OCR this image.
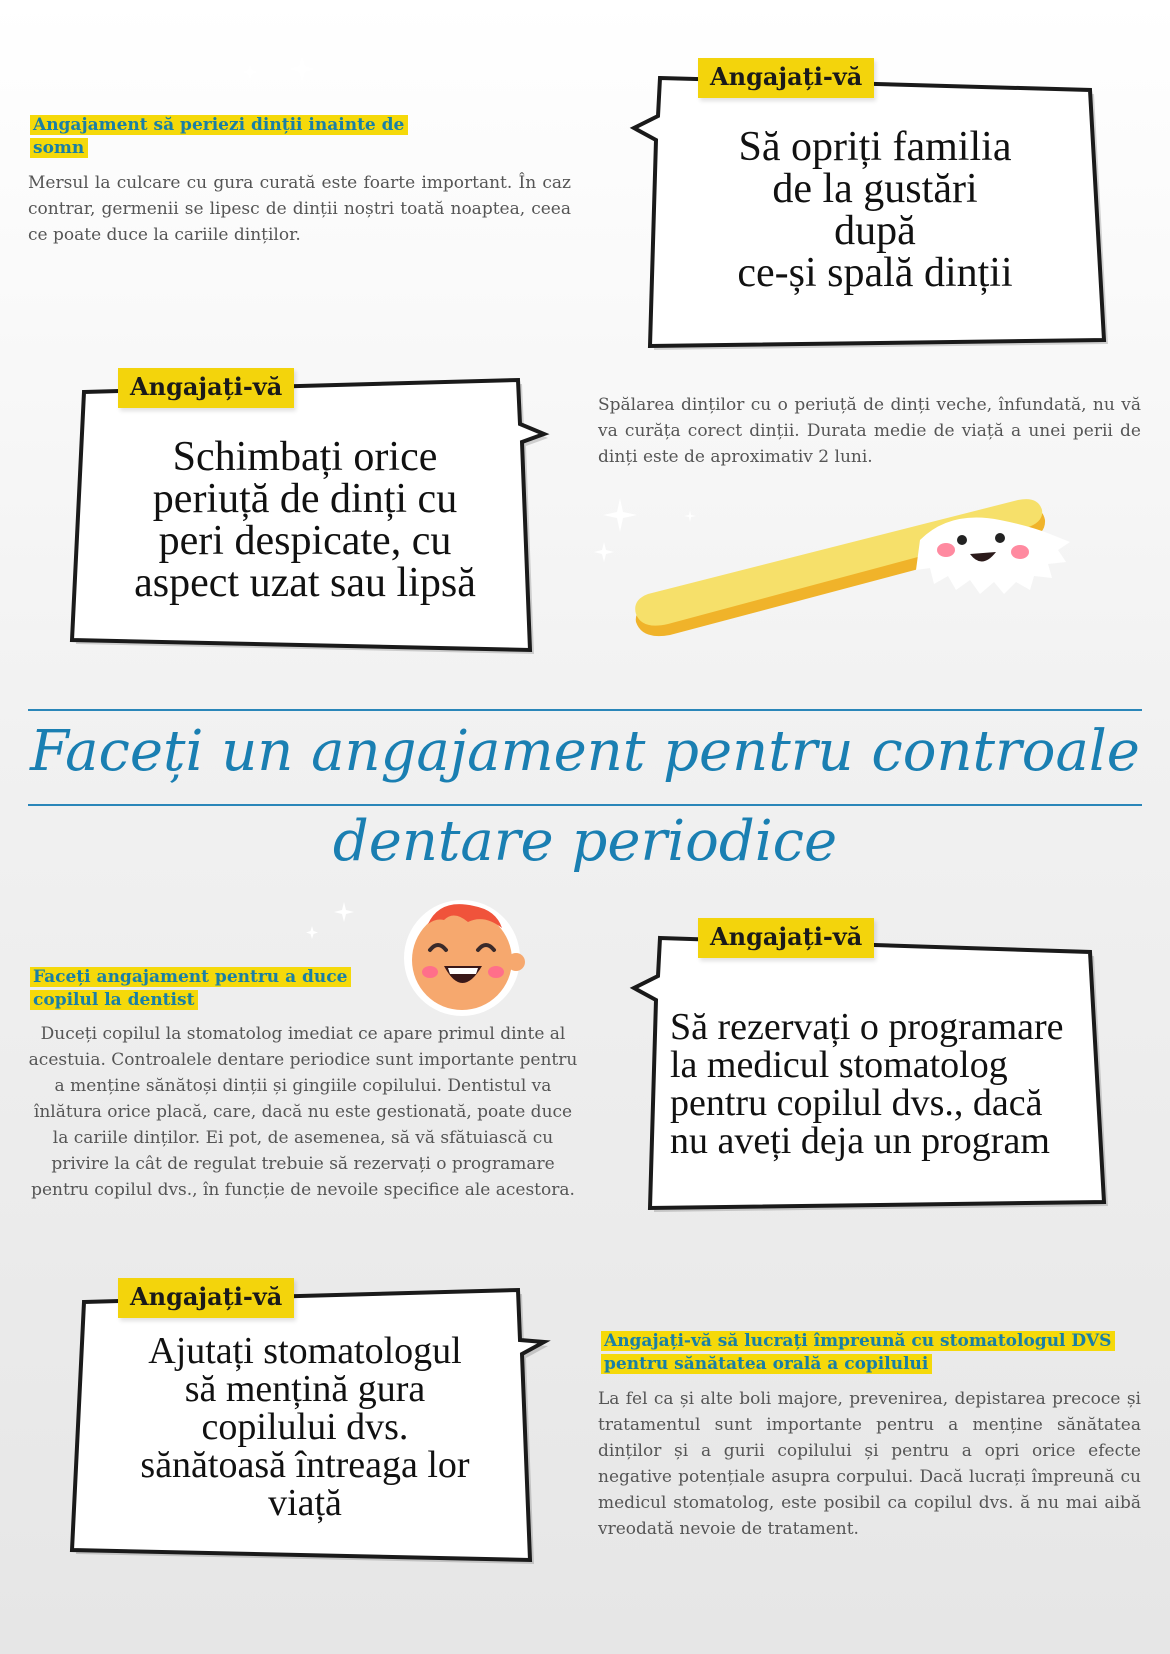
Angajament să periezi dinții inainte de somn

Mersul la culcare cu gura curată este foarte important. În caz contrar, germenii se lipesc de dinții noștri toată noaptea, ceea ce poate duce la cariile dinților.

Angajați-vă

Să opriți familia

de la gustări

după

ce-și spală dinții

Angajați-vă

Schimbați orice

periuță de dinți cu

peri despicate, cu

aspect uzat sau lipsă

Spălarea dinților cu o periuță de dinți veche, înfundată, nu vă va curăța corect dinții. Durata medie de viață a unei perii de dinți este de aproximativ 2 luni.

Faceți un angajament pentru controale

dentare periodice

Faceți angajament pentru a duce copilul la dentist

Duceți copilul la stomatolog imediat ce apare primul dinte al acestuia. Controalele dentare periodice sunt importante pentru a menține sănătoși dinții și gingiile copilului. Dentistul va înlătura orice placă, care, dacă nu este gestionată, poate duce la cariile dinților. Ei pot, de asemenea, să vă sfătuiască cu privire la cât de regulat trebuie să rezervați o programare pentru copilul dvs., în funcție de nevoile specifice ale acestora.

Angajați-vă

Să rezervați o programare

la medicul stomatolog

pentru copilul dvs., dacă

nu aveți deja un program

Angajați-vă

Ajutați stomatologul

să mențină gura

copilului dvs.

sănătoasă întreaga lor

viață

Angajați-vă să lucrați împreună cu stomatologul DVS pentru sănătatea orală a copilului

La fel ca și alte boli majore, prevenirea, depistarea precoce și tratamentul sunt importante pentru a menține sănătatea dinților și a gurii copilului și pentru a opri orice efecte negative potențiale asupra corpului. Dacă lucrați împreună cu medicul stomatolog, este posibil ca copilul dvs. ă nu mai aibă vreodată nevoie de tratament.
